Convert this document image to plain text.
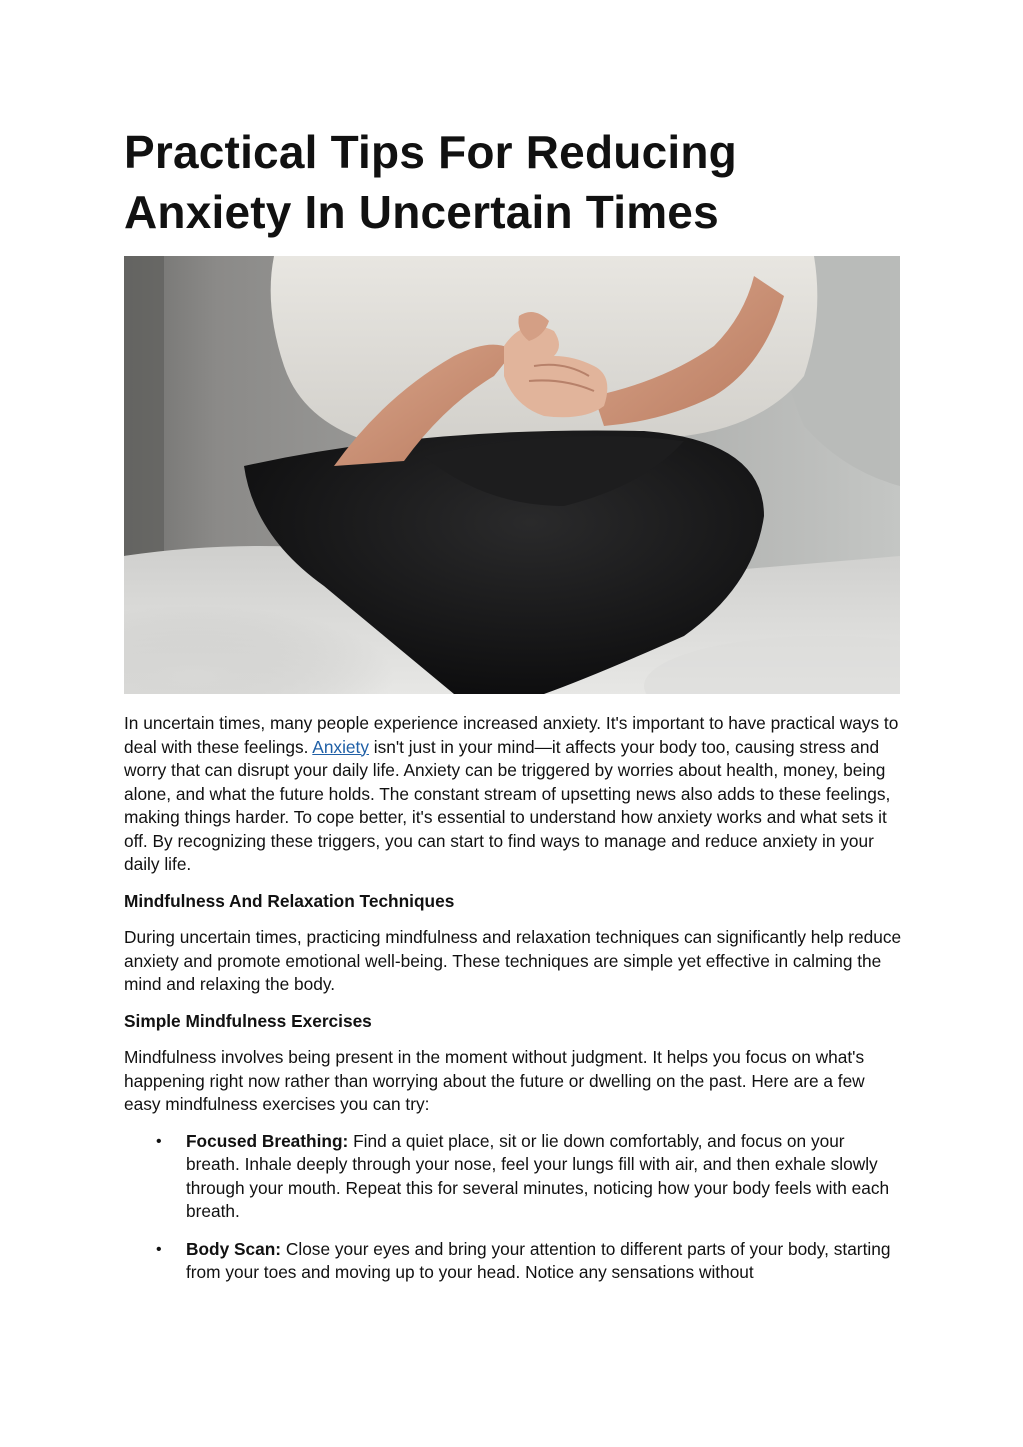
Practical Tips For Reducing
Anxiety In Uncertain Times

In uncertain times, many people experience increased anxiety. It's important to have practical ways to deal with these feelings. Anxiety isn't just in your mind—it affects your body too, causing stress and worry that can disrupt your daily life. Anxiety can be triggered by worries about health, money, being alone, and what the future holds. The constant stream of upsetting news also adds to these feelings, making things harder. To cope better, it's essential to understand how anxiety works and what sets it off. By recognizing these triggers, you can start to find ways to manage and reduce anxiety in your daily life.

Mindfulness And Relaxation Techniques

During uncertain times, practicing mindfulness and relaxation techniques can significantly help reduce anxiety and promote emotional well-being. These techniques are simple yet effective in calming the mind and relaxing the body.

Simple Mindfulness Exercises

Mindfulness involves being present in the moment without judgment. It helps you focus on what's happening right now rather than worrying about the future or dwelling on the past. Here are a few easy mindfulness exercises you can try:

• Focused Breathing: Find a quiet place, sit or lie down comfortably, and focus on your breath. Inhale deeply through your nose, feel your lungs fill with air, and then exhale slowly through your mouth. Repeat this for several minutes, noticing how your body feels with each breath.
• Body Scan: Close your eyes and bring your attention to different parts of your body, starting from your toes and moving up to your head. Notice any sensations without
